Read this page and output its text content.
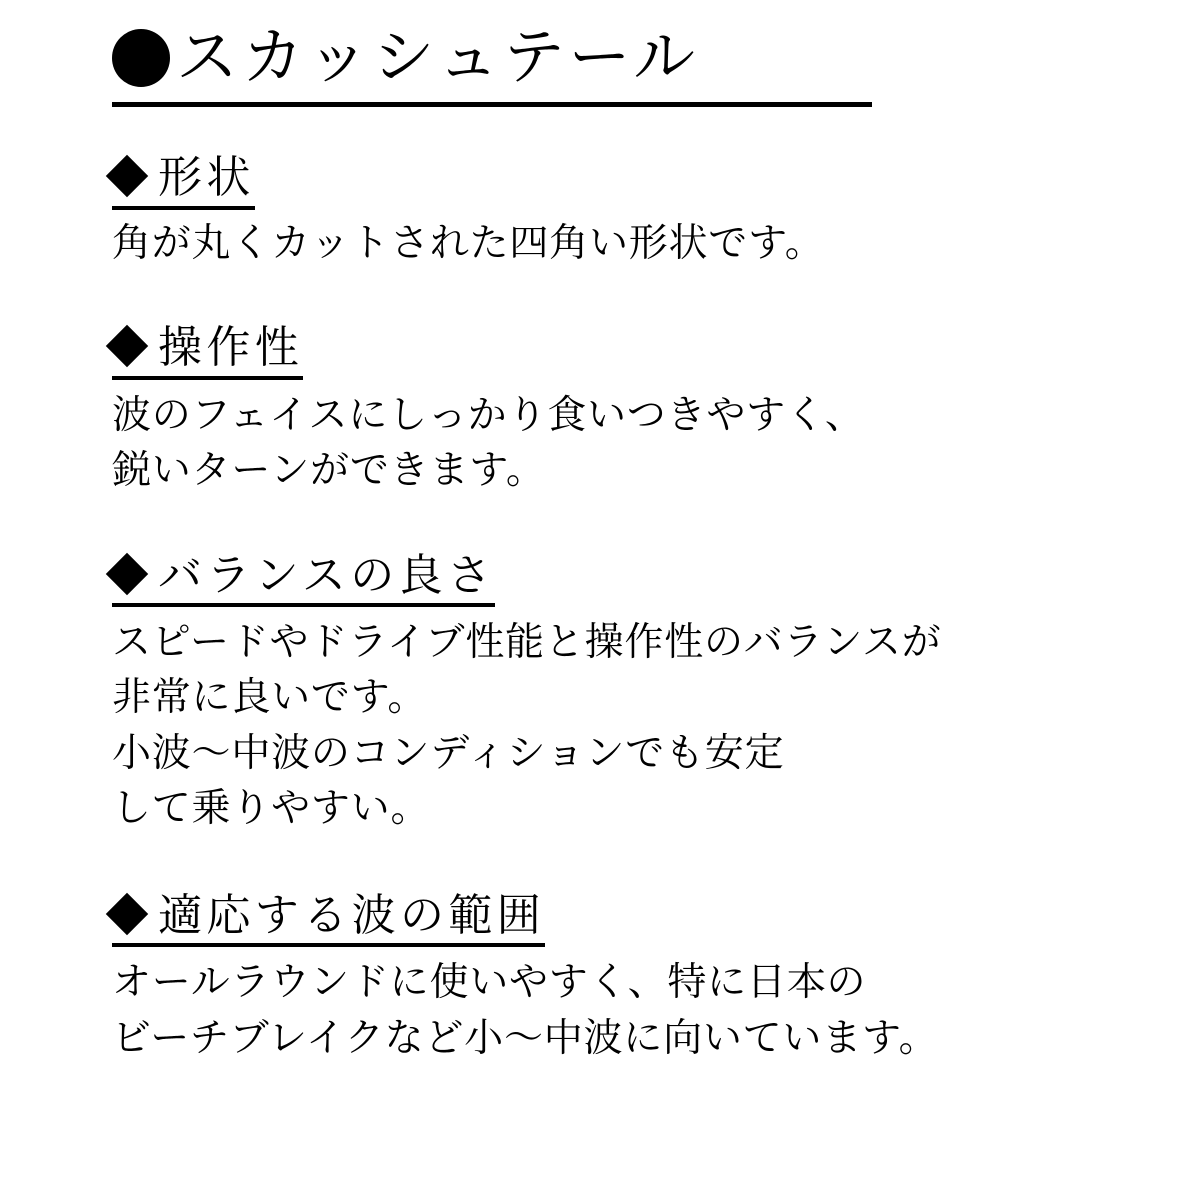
スカッシュテール
形状
角が丸くカットされた四角い形状です。
操作性
波のフェイスにしっかり食いつきやすく、
鋭いターンができます。
バランスの良さ
スピードやドライブ性能と操作性のバランスが
非常に良いです。
小波〜中波のコンディションでも安定
して乗りやすい。
適応する波の範囲
オールラウンドに使いやすく、特に日本の
ビーチブレイクなど小〜中波に向いています。
